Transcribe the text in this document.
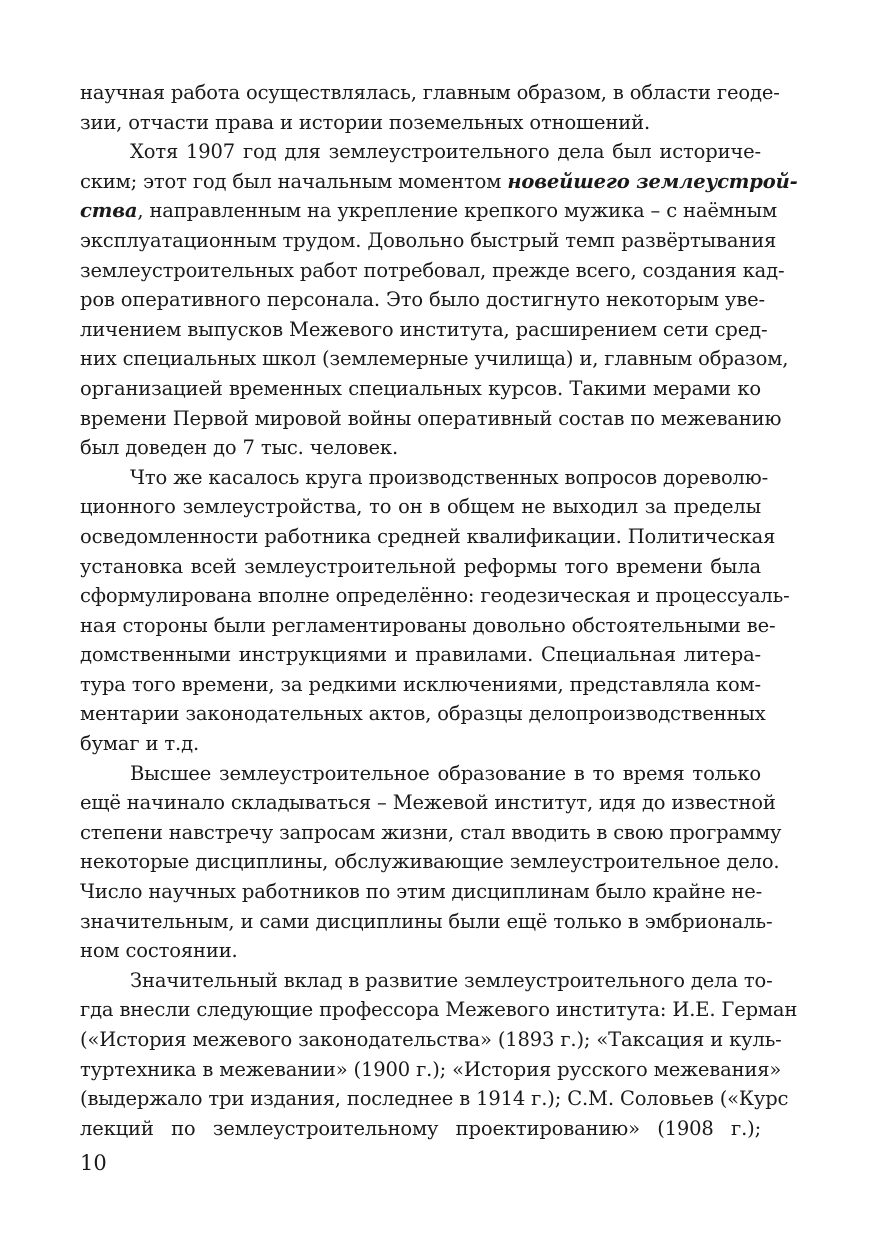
научная работа осуществлялась, главным образом, в области геоде-
зии, отчасти права и истории поземельных отношений.

Хотя 1907 год для землеустроительного дела был историче-
ским; этот год был начальным моментом новейшего землеустрой-
ства, направленным на укрепление крепкого мужика – с наёмным
эксплуатационным трудом. Довольно быстрый темп развёртывания
землеустроительных работ потребовал, прежде всего, создания кад-
ров оперативного персонала. Это было достигнуто некоторым уве-
личением выпусков Межевого института, расширением сети сред-
них специальных школ (землемерные училища) и, главным образом,
организацией временных специальных курсов. Такими мерами ко
времени Первой мировой войны оперативный состав по межеванию
был доведен до 7 тыс. человек.

Что же касалось круга производственных вопросов дореволю-
ционного землеустройства, то он в общем не выходил за пределы
осведомленности работника средней квалификации. Политическая
установка всей землеустроительной реформы того времени была
сформулирована вполне определённо: геодезическая и процессуаль-
ная стороны были регламентированы довольно обстоятельными ве-
домственными инструкциями и правилами. Специальная литера-
тура того времени, за редкими исключениями, представляла ком-
ментарии законодательных актов, образцы делопроизводственных
бумаг и т.д.

Высшее землеустроительное образование в то время только
ещё начинало складываться – Межевой институт, идя до известной
степени навстречу запросам жизни, стал вводить в свою программу
некоторые дисциплины, обслуживающие землеустроительное дело.
Число научных работников по этим дисциплинам было крайне не-
значительным, и сами дисциплины были ещё только в эмбриональ-
ном состоянии.

Значительный вклад в развитие землеустроительного дела то-
гда внесли следующие профессора Межевого института: И.Е. Герман
(«История межевого законодательства» (1893 г.); «Таксация и куль-
туртехника в межевании» (1900 г.); «История русского межевания»
(выдержало три издания, последнее в 1914 г.); С.М. Соловьев («Курс
лекций по землеустроительному проектированию» (1908 г.);

10
